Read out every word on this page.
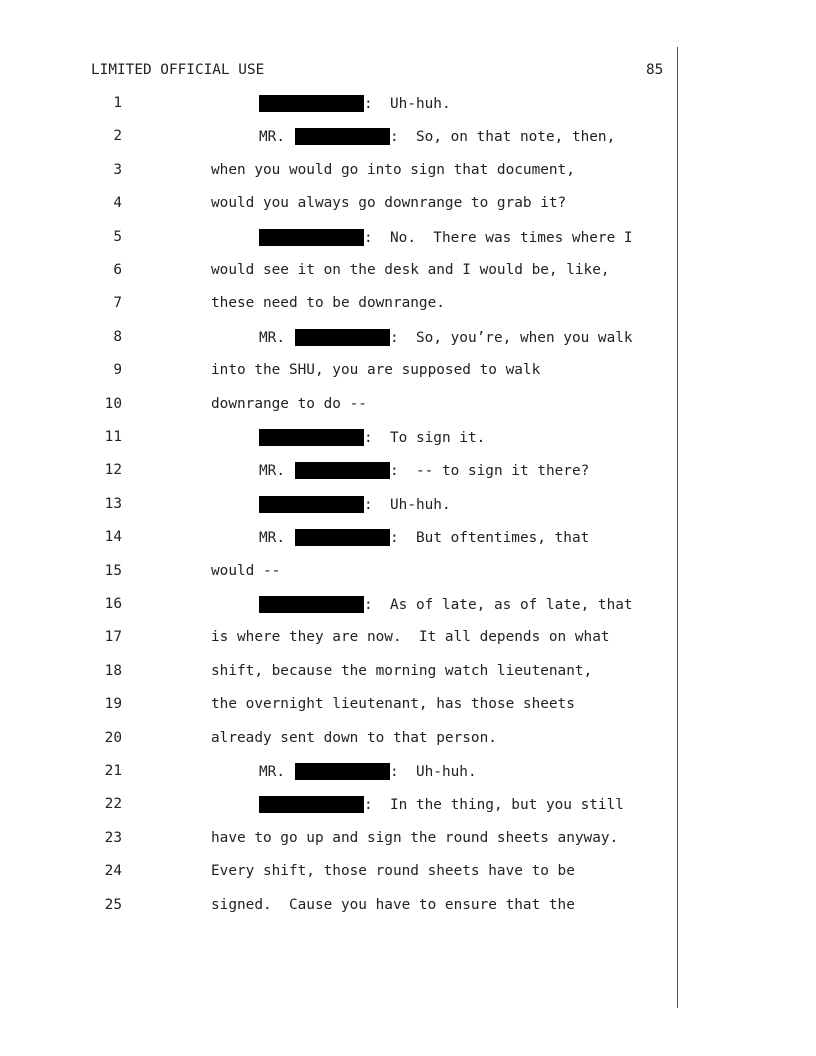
LIMITED OFFICIAL USE	85
1	:  Uh-huh.
2	MR.	:  So, on that note, then,
3	when you would go into sign that document,
4	would you always go downrange to grab it?
5	:  No.  There was times where I
6	would see it on the desk and I would be, like,
7	these need to be downrange.
8	MR.	:  So, you’re, when you walk
9	into the SHU, you are supposed to walk
10	downrange to do --
11	:  To sign it.
12	MR.	:  -- to sign it there?
13	:  Uh-huh.
14	MR.	:  But oftentimes, that
15	would --
16	:  As of late, as of late, that
17	is where they are now.  It all depends on what
18	shift, because the morning watch lieutenant,
19	the overnight lieutenant, has those sheets
20	already sent down to that person.
21	MR.	:  Uh-huh.
22	:  In the thing, but you still
23	have to go up and sign the round sheets anyway.
24	Every shift, those round sheets have to be
25	signed.  Cause you have to ensure that the
